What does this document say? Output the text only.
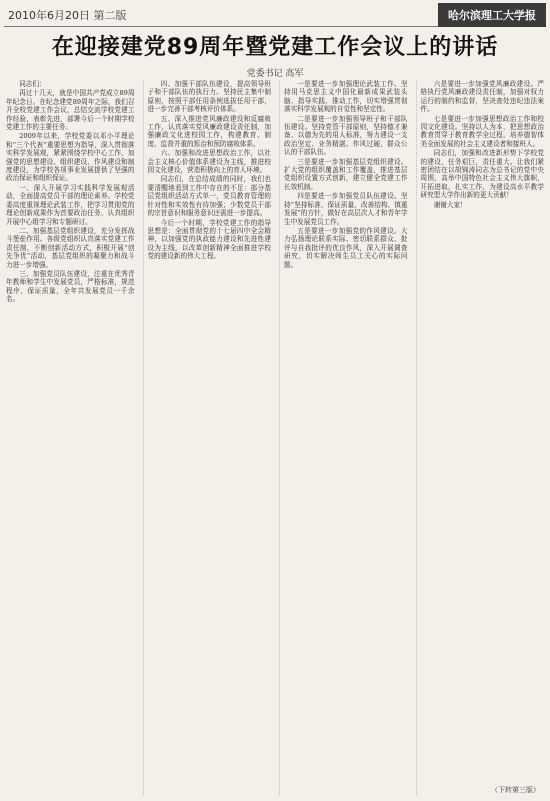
2010年6月20日 第二版	哈尔滨理工大学报
在迎接建党89周年暨党建工作会议上的讲话
党委书记 高军

同志们：

再过十几天，就是中国共产党成立89周年纪念日。在纪念建党89周年之际，我们召开全校党建工作会议，总结交流学校党建工作经验，表彰先进，部署今后一个时期学校党建工作的主要任务。

2009年以来，学校党委以邓小平理论和“三个代表”重要思想为指导，深入贯彻落实科学发展观，紧紧围绕学校中心工作，加强党的思想建设、组织建设、作风建设和制度建设，为学校各项事业发展提供了坚强的政治保证和组织保证。

一、深入开展学习实践科学发展观活动，全面提高党员干部的理论素养。学校党委高度重视理论武装工作，把学习贯彻党的理论创新成果作为首要政治任务，认真组织开展中心组学习和专题研讨。

二、加强基层党组织建设，充分发挥战斗堡垒作用。各级党组织认真落实党建工作责任制，不断创新活动方式，积极开展“创先争优”活动，基层党组织的凝聚力和战斗力进一步增强。

三、加强党员队伍建设，注重在优秀青年教师和学生中发展党员，严格标准，规范程序，保证质量，全年共发展党员一千余名。

四、加强干部队伍建设，提高领导班子和干部队伍的执行力。坚持民主集中制原则，按照干部任用条例选拔任用干部，进一步完善干部考核评价体系。

五、深入推进党风廉政建设和反腐败工作，认真落实党风廉政建设责任制，加强廉政文化进校园工作，构建教育、制度、监督并重的惩治和预防腐败体系。

六、加强和改进思想政治工作，以社会主义核心价值体系建设为主线，推进校园文化建设，营造积极向上的育人环境。

同志们，在总结成绩的同时，我们也要清醒地看到工作中存在的不足：部分基层党组织活动方式单一，党员教育管理的针对性和实效性有待加强；少数党员干部的宗旨意识和服务意识还需进一步提高。

今后一个时期，学校党建工作的指导思想是：全面贯彻党的十七届四中全会精神，以加强党的执政能力建设和先进性建设为主线，以改革创新精神全面推进学校党的建设新的伟大工程。

一是要进一步加强理论武装工作。坚持用马克思主义中国化最新成果武装头脑、指导实践、推动工作，切实增强贯彻落实科学发展观的自觉性和坚定性。

二是要进一步加强领导班子和干部队伍建设。坚持党管干部原则，坚持德才兼备、以德为先的用人标准，努力建设一支政治坚定、业务精湛、作风过硬、群众公认的干部队伍。

三是要进一步加强基层党组织建设。扩大党的组织覆盖和工作覆盖，推进基层党组织设置方式创新，建立健全党建工作长效机制。

四是要进一步加强党员队伍建设。坚持“坚持标准、保证质量、改善结构、慎重发展”的方针，做好在高层次人才和青年学生中发展党员工作。

五是要进一步加强党的作风建设。大力弘扬理论联系实际、密切联系群众、批评与自我批评的优良作风，深入开展调查研究，切实解决师生员工关心的实际问题。

六是要进一步加强党风廉政建设。严格执行党风廉政建设责任制，加强对权力运行的制约和监督，坚决查处违纪违法案件。

七是要进一步加强思想政治工作和校园文化建设。坚持以人为本，把思想政治教育贯穿于教育教学全过程，培养德智体美全面发展的社会主义建设者和接班人。

同志们，加强和改进新形势下学校党的建设，任务艰巨，责任重大。让我们紧密团结在以胡锦涛同志为总书记的党中央周围，高举中国特色社会主义伟大旗帜，开拓进取，扎实工作，为建设高水平教学研究型大学作出新的更大贡献！

谢谢大家！

（下转第三版）
